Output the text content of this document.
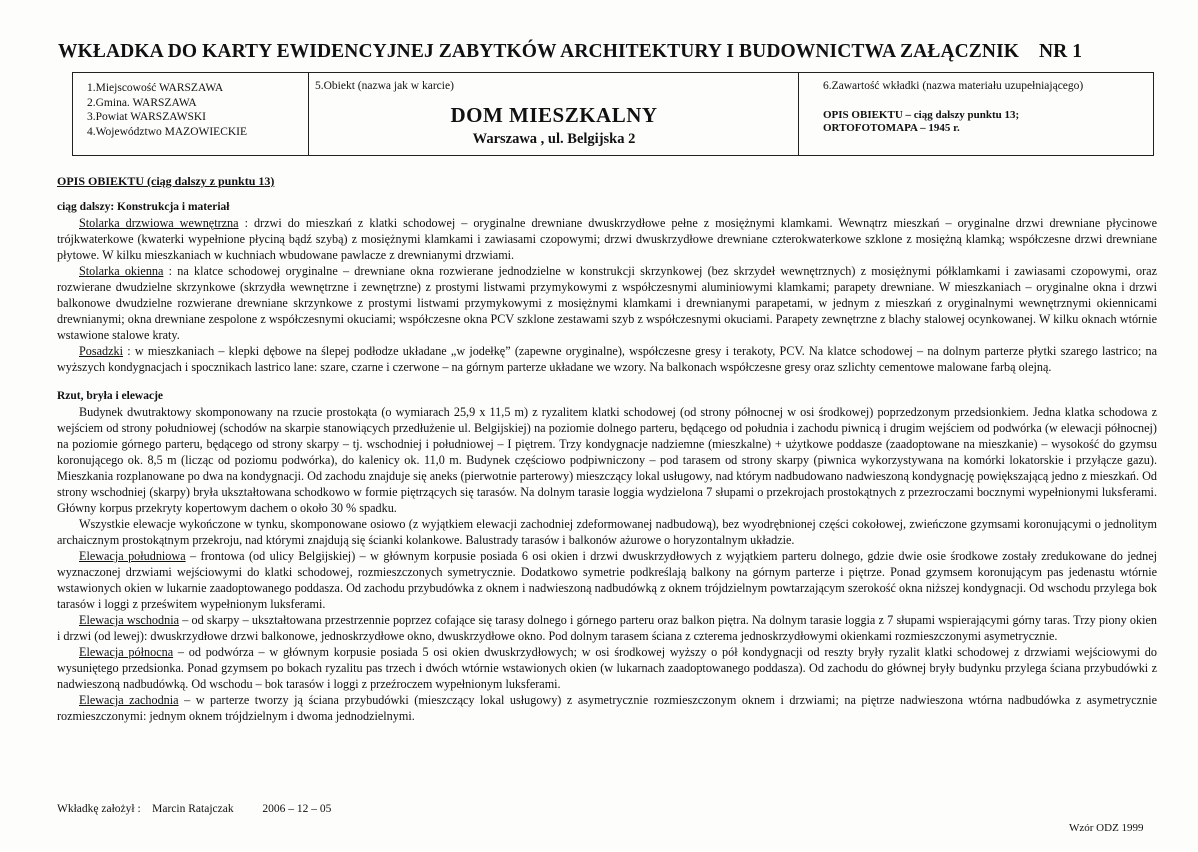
WKŁADKA DO KARTY EWIDENCYJNEJ ZABYTKÓW ARCHITEKTURY I BUDOWNICTWA ZAŁĄCZNIK NR 1
1.Miejscowość WARSZAWA
2.Gmina. WARSZAWA
3.Powiat WARSZAWSKI
4.Województwo MAZOWIECKIE
5.Obiekt (nazwa jak w karcie)
DOM MIESZKALNY
Warszawa , ul. Belgijska 2
6.Zawartość wkładki (nazwa materiału uzupełniającego)
OPIS OBIEKTU – ciąg dalszy punktu 13;
ORTOFOTOMAPA – 1945 r.

OPIS OBIEKTU (ciąg dalszy z punktu 13)

ciąg dalszy: Konstrukcja i materiał

Stolarka drzwiowa wewnętrzna : drzwi do mieszkań z klatki schodowej – oryginalne drewniane dwuskrzydłowe pełne z mosiężnymi klamkami. Wewnątrz mieszkań – oryginalne drzwi drewniane płycinowe trójkwaterkowe (kwaterki wypełnione płyciną bądź szybą) z mosiężnymi klamkami i zawiasami czopowymi; drzwi dwuskrzydłowe drewniane czterokwaterkowe szklone z mosiężną klamką; współczesne drzwi drewniane płytowe. W kilku mieszkaniach w kuchniach wbudowane pawlacze z drewnianymi drzwiami.

Stolarka okienna : na klatce schodowej oryginalne – drewniane okna rozwierane jednodzielne w konstrukcji skrzynkowej (bez skrzydeł wewnętrznych) z mosiężnymi półklamkami i zawiasami czopowymi, oraz rozwierane dwudzielne skrzynkowe (skrzydła wewnętrzne i zewnętrzne) z prostymi listwami przymykowymi z współczesnymi aluminiowymi klamkami; parapety drewniane. W mieszkaniach – oryginalne okna i drzwi balkonowe dwudzielne rozwierane drewniane skrzynkowe z prostymi listwami przymykowymi z mosiężnymi klamkami i drewnianymi parapetami, w jednym z mieszkań z oryginalnymi wewnętrznymi okiennicami drewnianymi; okna drewniane zespolone z współczesnymi okuciami; współczesne okna PCV szklone zestawami szyb z współczesnymi okuciami. Parapety zewnętrzne z blachy stalowej ocynkowanej. W kilku oknach wtórnie wstawione stalowe kraty.

Posadzki : w mieszkaniach – klepki dębowe na ślepej podłodze układane „w jodełkę” (zapewne oryginalne), współczesne gresy i terakoty, PCV. Na klatce schodowej – na dolnym parterze płytki szarego lastrico; na wyższych kondygnacjach i spocznikach lastrico lane: szare, czarne i czerwone – na górnym parterze układane we wzory. Na balkonach współczesne gresy oraz szlichty cementowe malowane farbą olejną.

Rzut, bryła i elewacje

Budynek dwutraktowy skomponowany na rzucie prostokąta (o wymiarach 25,9 x 11,5 m) z ryzalitem klatki schodowej (od strony północnej w osi środkowej) poprzedzonym przedsionkiem. Jedna klatka schodowa z wejściem od strony południowej (schodów na skarpie stanowiących przedłużenie ul. Belgijskiej) na poziomie dolnego parteru, będącego od południa i zachodu piwnicą i drugim wejściem od podwórka (w elewacji północnej) na poziomie górnego parteru, będącego od strony skarpy – tj. wschodniej i południowej – I piętrem. Trzy kondygnacje nadziemne (mieszkalne) + użytkowe poddasze (zaadoptowane na mieszkanie) – wysokość do gzymsu koronującego ok. 8,5 m (licząc od poziomu podwórka), do kalenicy ok. 11,0 m. Budynek częściowo podpiwniczony – pod tarasem od strony skarpy (piwnica wykorzystywana na komórki lokatorskie i przyłącze gazu). Mieszkania rozplanowane po dwa na kondygnacji. Od zachodu znajduje się aneks (pierwotnie parterowy) mieszczący lokal usługowy, nad którym nadbudowano nadwieszoną kondygnację powiększającą jedno z mieszkań. Od strony wschodniej (skarpy) bryła ukształtowana schodkowo w formie piętrzących się tarasów. Na dolnym tarasie loggia wydzielona 7 słupami o przekrojach prostokątnych z przezroczami bocznymi wypełnionymi luksferami. Główny korpus przekryty kopertowym dachem o około 30 % spadku.

Wszystkie elewacje wykończone w tynku, skomponowane osiowo (z wyjątkiem elewacji zachodniej zdeformowanej nadbudową), bez wyodrębnionej części cokołowej, zwieńczone gzymsami koronującymi o jednolitym archaicznym prostokątnym przekroju, nad którymi znajdują się ścianki kolankowe. Balustrady tarasów i balkonów ażurowe o horyzontalnym układzie.

Elewacja południowa – frontowa (od ulicy Belgijskiej) – w głównym korpusie posiada 6 osi okien i drzwi dwuskrzydłowych z wyjątkiem parteru dolnego, gdzie dwie osie środkowe zostały zredukowane do jednej wyznaczonej drzwiami wejściowymi do klatki schodowej, rozmieszczonych symetrycznie. Dodatkowo symetrie podkreślają balkony na górnym parterze i piętrze. Ponad gzymsem koronującym pas jedenastu wtórnie wstawionych okien w lukarnie zaadoptowanego poddasza. Od zachodu przybudówka z oknem i nadwieszoną nadbudówką z oknem trójdzielnym powtarzającym szerokość okna niższej kondygnacji. Od wschodu przylega bok tarasów i loggi z prześwitem wypełnionym luksferami.

Elewacja wschodnia – od skarpy – ukształtowana przestrzennie poprzez cofające się tarasy dolnego i górnego parteru oraz balkon piętra. Na dolnym tarasie loggia z 7 słupami wspierającymi górny taras. Trzy piony okien i drzwi (od lewej): dwuskrzydłowe drzwi balkonowe, jednoskrzydłowe okno, dwuskrzydłowe okno. Pod dolnym tarasem ściana z czterema jednoskrzydłowymi okienkami rozmieszczonymi asymetrycznie.

Elewacja północna – od podwórza – w głównym korpusie posiada 5 osi okien dwuskrzydłowych; w osi środkowej wyższy o pół kondygnacji od reszty bryły ryzalit klatki schodowej z drzwiami wejściowymi do wysuniętego przedsionka. Ponad gzymsem po bokach ryzalitu pas trzech i dwóch wtórnie wstawionych okien (w lukarnach zaadoptowanego poddasza). Od zachodu do głównej bryły budynku przylega ściana przybudówki z nadwieszoną nadbudówką. Od wschodu – bok tarasów i loggi z przeźroczem wypełnionym luksferami.

Elewacja zachodnia – w parterze tworzy ją ściana przybudówki (mieszczący lokal usługowy) z asymetrycznie rozmieszczonym oknem i drzwiami; na piętrze nadwieszona wtórna nadbudówka z asymetrycznie rozmieszczonymi: jednym oknem trójdzielnym i dwoma jednodzielnymi.

Wkładkę założył : Marcin Ratajczak	2006 – 12 – 05
Wzór ODZ 1999
